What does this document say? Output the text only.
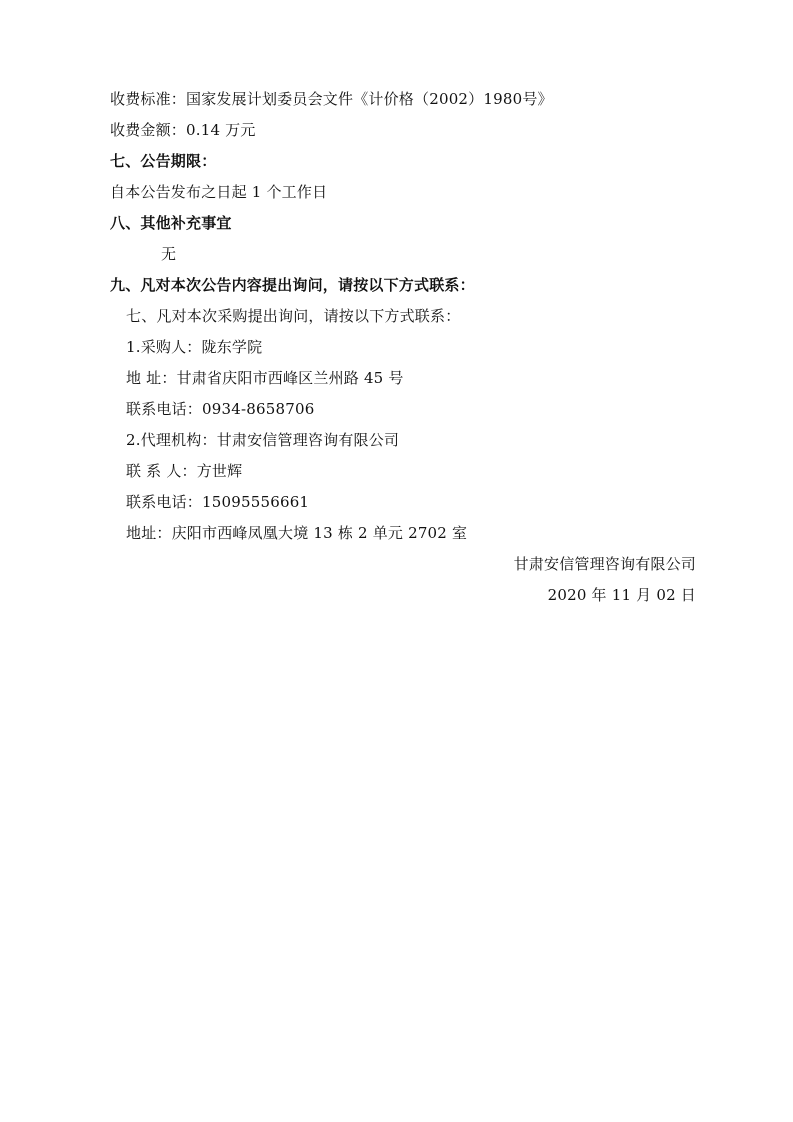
收费标准：国家发展计划委员会文件《计价格（2002）1980号》
收费金额：0.14 万元
七、公告期限：
自本公告发布之日起 1 个工作日
八、其他补充事宜
无
九、凡对本次公告内容提出询问，请按以下方式联系：
七、凡对本次采购提出询问，请按以下方式联系：
1.采购人：陇东学院
地 址：甘肃省庆阳市西峰区兰州路 45 号
联系电话：0934-8658706
2.代理机构：甘肃安信管理咨询有限公司
联 系 人：方世辉
联系电话：15095556661
地址：庆阳市西峰凤凰大境 13 栋 2 单元 2702 室
甘肃安信管理咨询有限公司
2020 年 11 月 02 日
